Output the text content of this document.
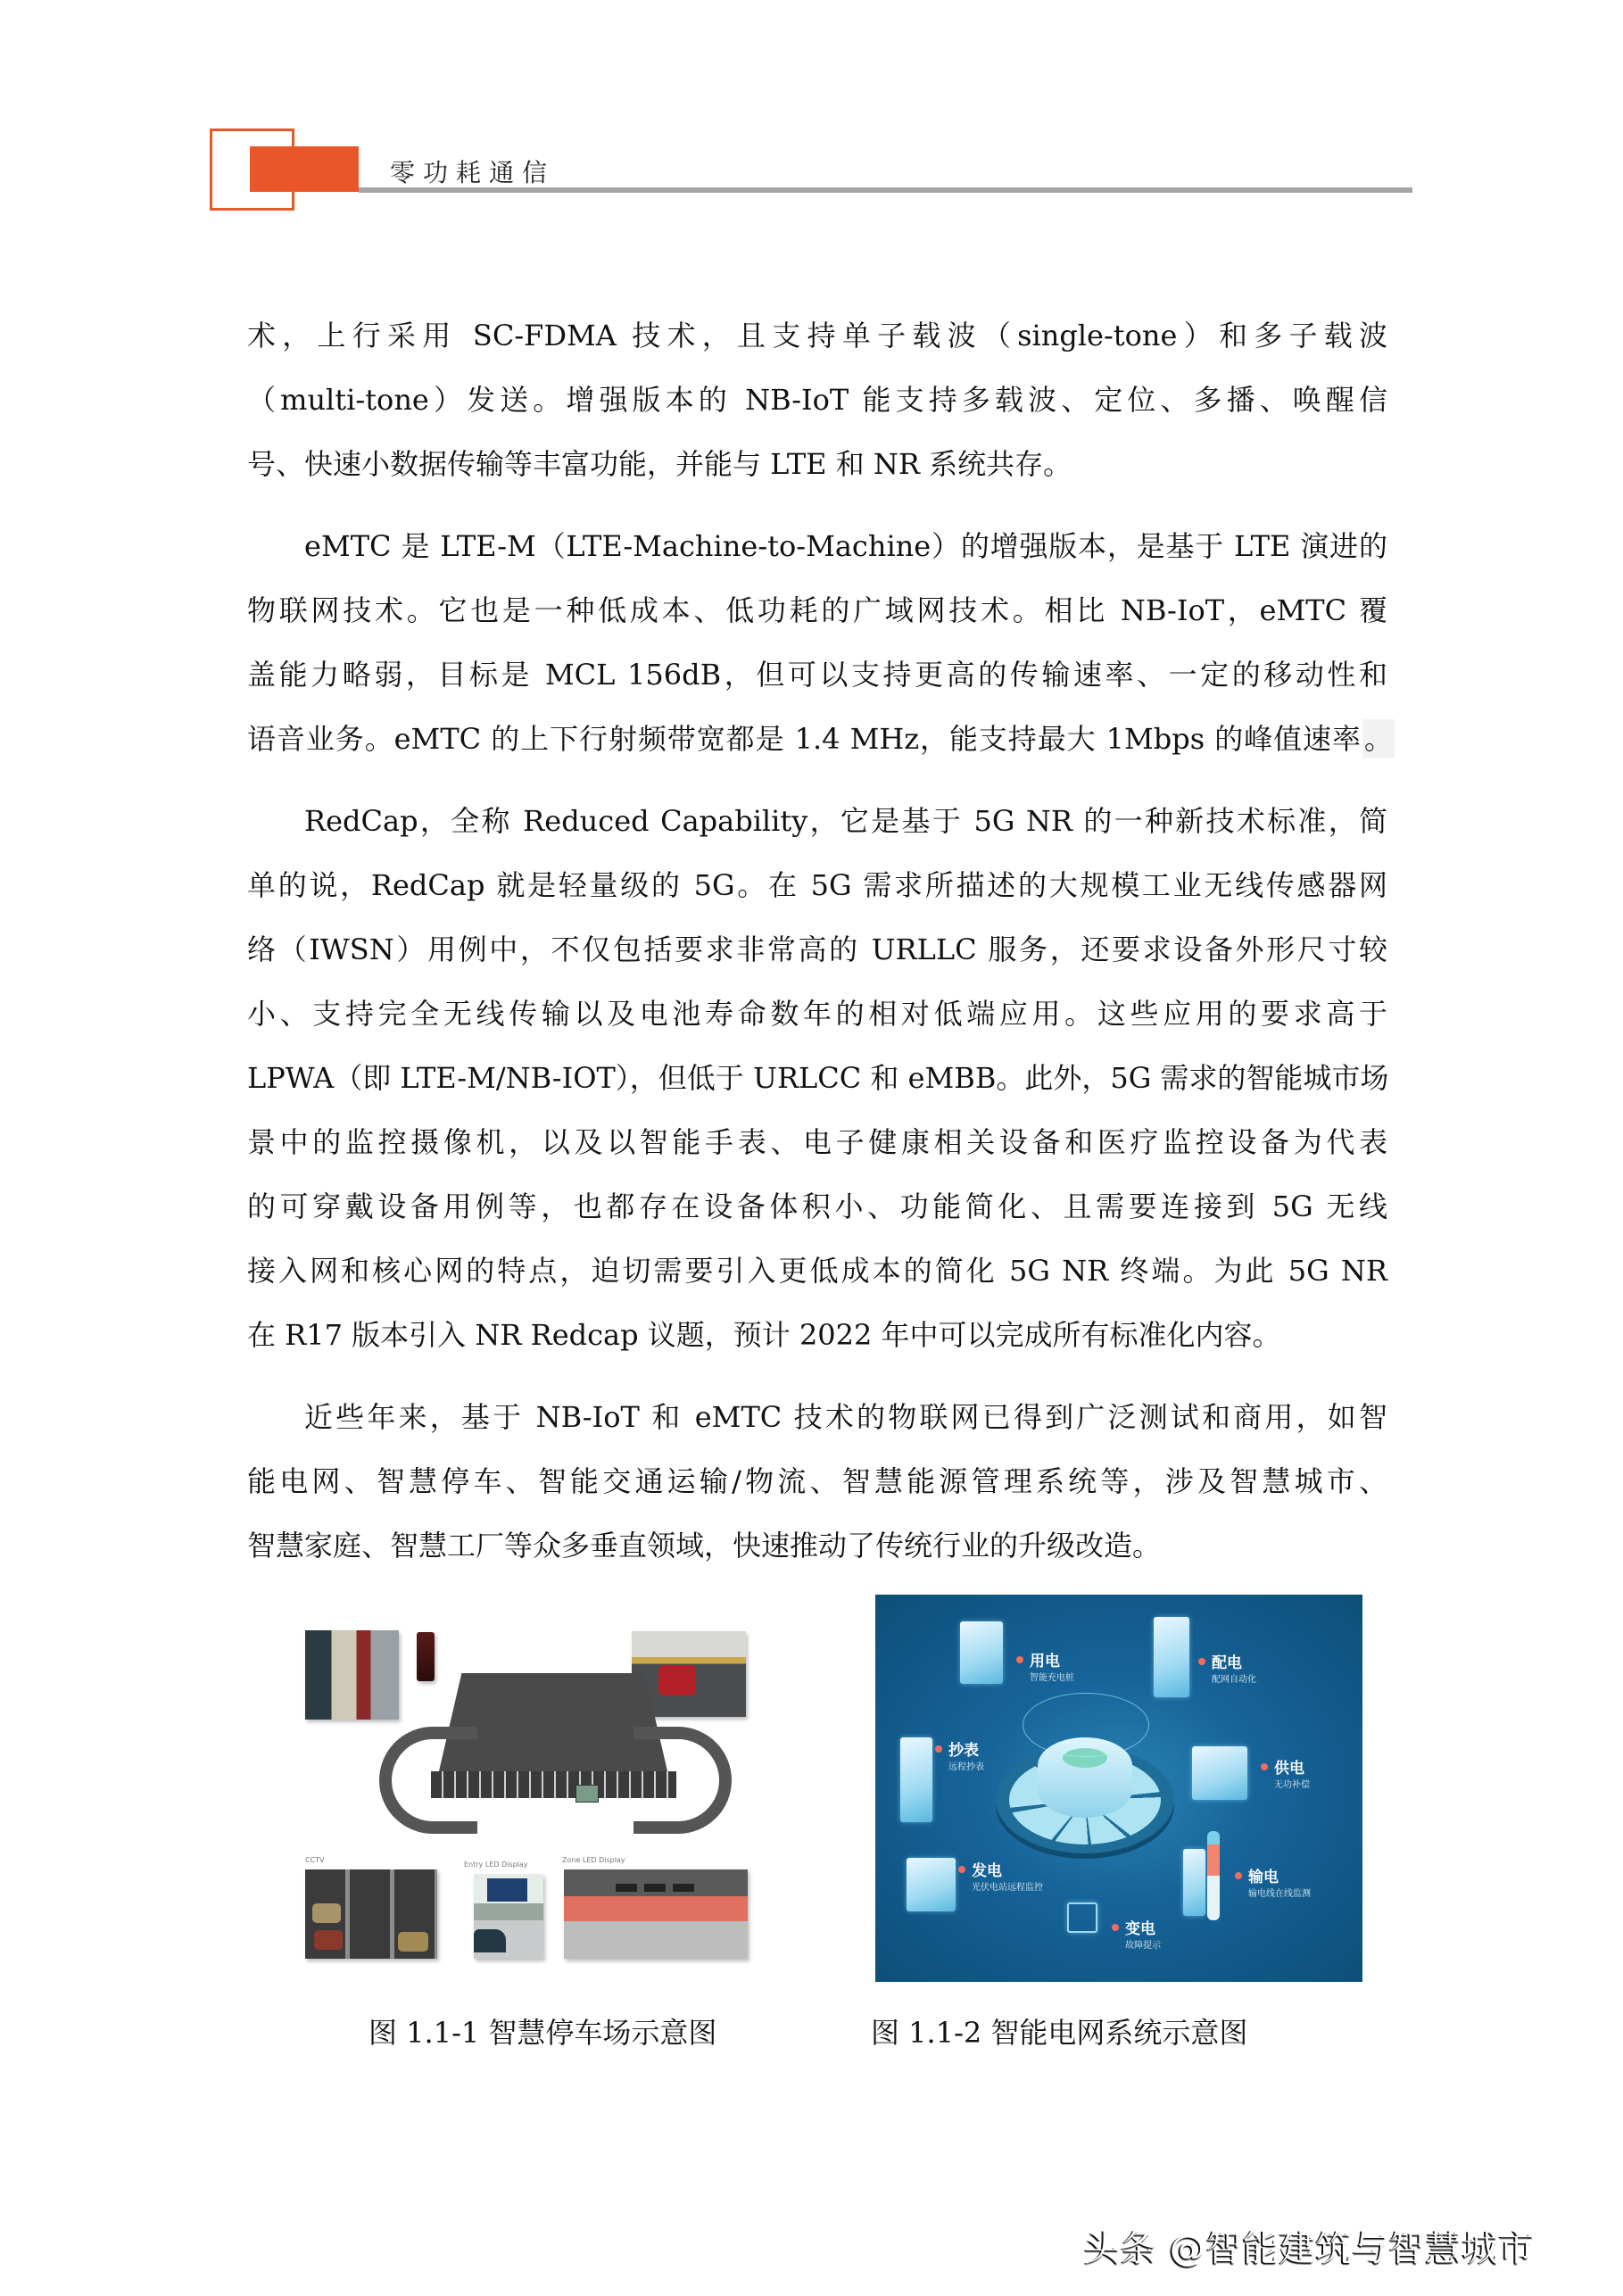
零功耗通信
术，上行采用 SC-FDMA 技术，且支持单子载波（single-tone）和多子载波
（multi-tone）发送。增强版本的 NB-IoT 能支持多载波、定位、多播、唤醒信
号、快速小数据传输等丰富功能，并能与 LTE 和 NR 系统共存。
eMTC 是 LTE-M（LTE-Machine-to-Machine）的增强版本，是基于 LTE 演进的
物联网技术。它也是一种低成本、低功耗的广域网技术。相比 NB-IoT，eMTC 覆
盖能力略弱，目标是 MCL 156dB，但可以支持更高的传输速率、一定的移动性和
语音业务。eMTC 的上下行射频带宽都是 1.4 MHz，能支持最大 1Mbps 的峰值速率 。
RedCap，全称 Reduced Capability，它是基于 5G NR 的一种新技术标准，简
单的说，RedCap 就是轻量级的 5G。在 5G 需求所描述的大规模工业无线传感器网
络（IWSN）用例中，不仅包括要求非常高的 URLLC 服务，还要求设备外形尺寸较
小、支持完全无线传输以及电池寿命数年的相对低端应用。这些应用的要求高于
LPWA（即 LTE-M/NB-IOT），但低于 URLCC 和 eMBB。此外，5G 需求的智能城市场
景中的监控摄像机，以及以智能手表、电子健康相关设备和医疗监控设备为代表
的可穿戴设备用例等，也都存在设备体积小、功能简化、且需要连接到 5G 无线
接入网和核心网的特点，迫切需要引入更低成本的简化 5G NR 终端。为此 5G NR
在 R17 版本引入 NR Redcap 议题，预计 2022 年中可以完成所有标准化内容。
近些年来，基于 NB-IoT 和 eMTC 技术的物联网已得到广泛测试和商用，如智
能电网、智慧停车、智能交通运输/物流、智慧能源管理系统等，涉及智慧城市、
智慧家庭、智慧工厂等众多垂直领域，快速推动了传统行业的升级改造。
CCTV
Entry LED Display
Zone LED Display
用电
智能充电桩
配电
配网自动化
抄表
远程抄表	供电
无功补偿
发电
光伏电站远程监控
输电
输电线在线监测
变电
故障提示
图 1.1-1 智慧停车场示意图	图 1.1-2 智能电网系统示意图
头条 @智能建筑与智慧城市
